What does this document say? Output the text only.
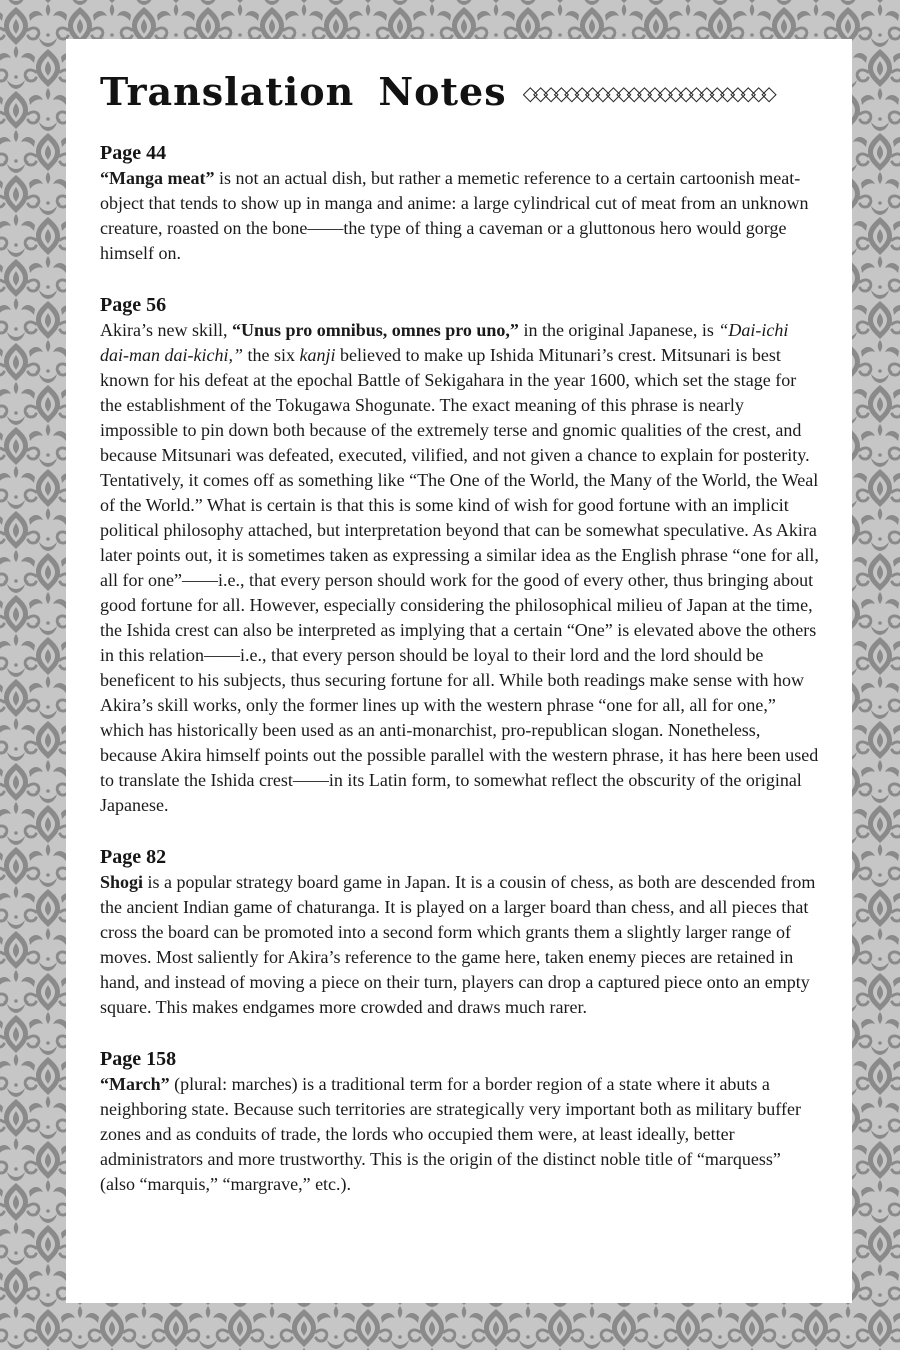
Translation Notes ◇◇◇◇◇◇◇◇◇◇◇◇◇◇◇◇◇◇◇◇◇◇◇◇
Page 44

“Manga meat” is not an actual dish, but rather a memetic reference to a certain cartoonish meat-object that tends to show up in manga and anime: a large cylindrical cut of meat from an unknown creature, roasted on the bone——the type of thing a caveman or a gluttonous hero would gorge himself on.

Page 56

Akira’s new skill, “Unus pro omnibus, omnes pro uno,” in the original Japanese, is “Dai-ichi dai-man dai-kichi,” the six kanji believed to make up Ishida Mitunari’s crest. Mitsunari is best known for his defeat at the epochal Battle of Sekigahara in the year 1600, which set the stage for the establishment of the Tokugawa Shogunate. The exact meaning of this phrase is nearly impossible to pin down both because of the extremely terse and gnomic qualities of the crest, and because Mitsunari was defeated, executed, vilified, and not given a chance to explain for posterity. Tentatively, it comes off as something like “The One of the World, the Many of the World, the Weal of the World.” What is certain is that this is some kind of wish for good fortune with an implicit political philosophy attached, but interpretation beyond that can be somewhat speculative. As Akira later points out, it is sometimes taken as expressing a similar idea as the English phrase “one for all, all for one”——i.e., that every person should work for the good of every other, thus bringing about good fortune for all. However, especially considering the philosophical milieu of Japan at the time, the Ishida crest can also be interpreted as implying that a certain “One” is elevated above the others in this relation——i.e., that every person should be loyal to their lord and the lord should be beneficent to his subjects, thus securing fortune for all. While both readings make sense with how Akira’s skill works, only the former lines up with the western phrase “one for all, all for one,” which has historically been used as an anti-monarchist, pro-republican slogan. Nonetheless, because Akira himself points out the possible parallel with the western phrase, it has here been used to translate the Ishida crest——in its Latin form, to somewhat reflect the obscurity of the original Japanese.

Page 82

Shogi is a popular strategy board game in Japan. It is a cousin of chess, as both are descended from the ancient Indian game of chaturanga. It is played on a larger board than chess, and all pieces that cross the board can be promoted into a second form which grants them a slightly larger range of moves. Most saliently for Akira’s reference to the game here, taken enemy pieces are retained in hand, and instead of moving a piece on their turn, players can drop a captured piece onto an empty square. This makes endgames more crowded and draws much rarer.

Page 158

“March” (plural: marches) is a traditional term for a border region of a state where it abuts a neighboring state. Because such territories are strategically very important both as military buffer zones and as conduits of trade, the lords who occupied them were, at least ideally, better administrators and more trustworthy. This is the origin of the distinct noble title of “marquess” (also “marquis,” “margrave,” etc.).
